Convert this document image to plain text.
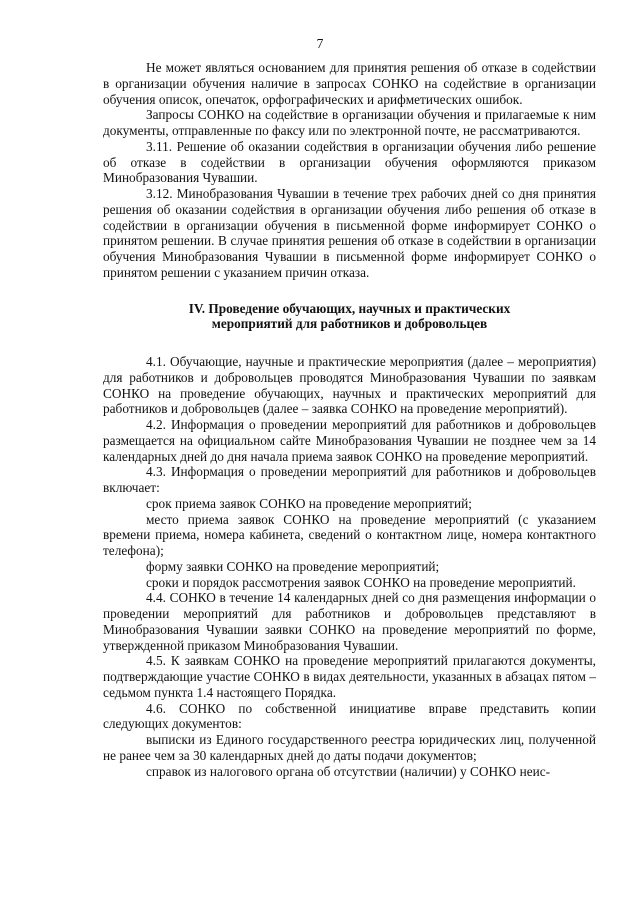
7

Не может являться основанием для принятия решения об отказе в содействии в организации обучения наличие в запросах СОНКО на содействие в организации обучения описок, опечаток, орфографических и арифметических ошибок.

Запросы СОНКО на содействие в организации обучения и прилагаемые к ним документы, отправленные по факсу или по электронной почте, не рассматриваются.

3.11. Решение об оказании содействия в организации обучения либо решение об отказе в содействии в организации обучения оформляются приказом Минобразования Чувашии.

3.12. Минобразования Чувашии в течение трех рабочих дней со дня принятия решения об оказании содействия в организации обучения либо решения об отказе в содействии в организации обучения в письменной форме информирует СОНКО о принятом решении. В случае принятия решения об отказе в содействии в организации обучения Минобразования Чувашии в письменной форме информирует СОНКО о принятом решении с указанием причин отказа.

IV. Проведение обучающих, научных и практических
мероприятий для работников и добровольцев

4.1. Обучающие, научные и практические мероприятия (далее – мероприятия) для работников и добровольцев проводятся Минобразования Чувашии по заявкам СОНКО на проведение обучающих, научных и практических мероприятий для работников и добровольцев (далее – заявка СОНКО на проведение мероприятий).

4.2. Информация о проведении мероприятий для работников и добровольцев размещается на официальном сайте Минобразования Чувашии не позднее чем за 14 календарных дней до дня начала приема заявок СОНКО на проведение мероприятий.

4.3. Информация о проведении мероприятий для работников и добровольцев включает:

срок приема заявок СОНКО на проведение мероприятий;

место приема заявок СОНКО на проведение мероприятий (с указанием времени приема, номера кабинета, сведений о контактном лице, номера контактного телефона);

форму заявки СОНКО на проведение мероприятий;

сроки и порядок рассмотрения заявок СОНКО на проведение мероприятий.

4.4. СОНКО в течение 14 календарных дней со дня размещения информации о проведении мероприятий для работников и добровольцев представляют в Минобразования Чувашии заявки СОНКО на проведение мероприятий по форме, утвержденной приказом Минобразования Чувашии.

4.5. К заявкам СОНКО на проведение мероприятий прилагаются документы, подтверждающие участие СОНКО в видах деятельности, указанных в абзацах пятом – седьмом пункта 1.4 настоящего Порядка.

4.6. СОНКО по собственной инициативе вправе представить копии следующих документов:

выписки из Единого государственного реестра юридических лиц, полученной не ранее чем за 30 календарных дней до даты подачи документов;

справок из налогового органа об отсутствии (наличии) у СОНКО неис-
